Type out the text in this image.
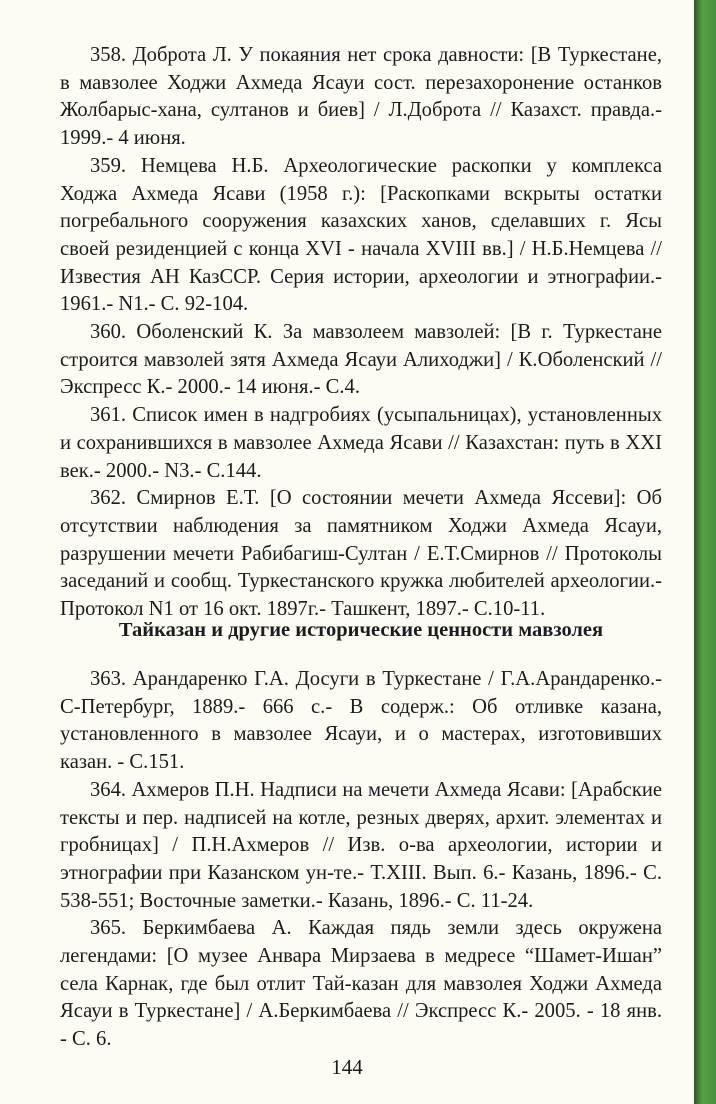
358. Доброта Л. У покаяния нет срока давности: [В Туркестане, в мавзолее Ходжи Ахмеда Ясауи сост. перезахоронение останков Жолбарыс-хана, султанов и биев] / Л.Доброта // Казахст. правда.- 1999.- 4 июня.

359. Немцева Н.Б. Археологические раскопки у комплекса Ходжа Ахмеда Ясави (1958 г.): [Раскопками вскрыты остатки погребального сооружения казахских ханов, сделавших г. Ясы своей резиденцией с конца XVI - начала XVIII вв.] / Н.Б.Немцева // Известия АН КазССР. Серия истории, археологии и этнографии.- 1961.- N1.- С. 92-104.

360. Оболенский К. За мавзолеем мавзолей: [В г. Туркестане строится мавзолей зятя Ахмеда Ясауи Алиходжи] / К.Оболенский // Экспресс К.- 2000.- 14 июня.- С.4.

361. Список имен в надгробиях (усыпальницах), установленных и сохранившихся в мавзолее Ахмеда Ясави // Казахстан: путь в XXI век.- 2000.- N3.- С.144.

362. Смирнов Е.Т. [О состоянии мечети Ахмеда Яссеви]: Об отсутствии наблюдения за памятником Ходжи Ахмеда Ясауи, разрушении мечети Рабибагиш-Султан / Е.Т.Смирнов // Протоколы заседаний и сообщ. Туркестанского кружка любителей археологии.- Протокол N1 от 16 окт. 1897г.- Ташкент, 1897.- С.10-11.

Тайказан и другие исторические ценности мавзолея

363. Арандаренко Г.А. Досуги в Туркестане / Г.А.Арандаренко.- С-Петербург, 1889.- 666 с.- В содерж.: Об отливке казана, установленного в мавзолее Ясауи, и о мастерах, изготовивших казан. - С.151.

364. Ахмеров П.Н. Надписи на мечети Ахмеда Ясави: [Арабские тексты и пер. надписей на котле, резных дверях, архит. элементах и гробницах] / П.Н.Ахмеров // Изв. о-ва археологии, истории и этнографии при Казанском ун-те.- Т.XIII. Вып. 6.- Казань, 1896.- С. 538-551; Восточные заметки.- Казань, 1896.- С. 11-24.

365. Беркимбаева А. Каждая пядь земли здесь окружена легендами: [О музее Анвара Мирзаева в медресе “Шамет-Ишан” села Карнак, где был отлит Тай-казан для мавзолея Ходжи Ахмеда Ясауи в Туркестане] / А.Беркимбаева // Экспресс К.- 2005. - 18 янв. - С. 6.

144
